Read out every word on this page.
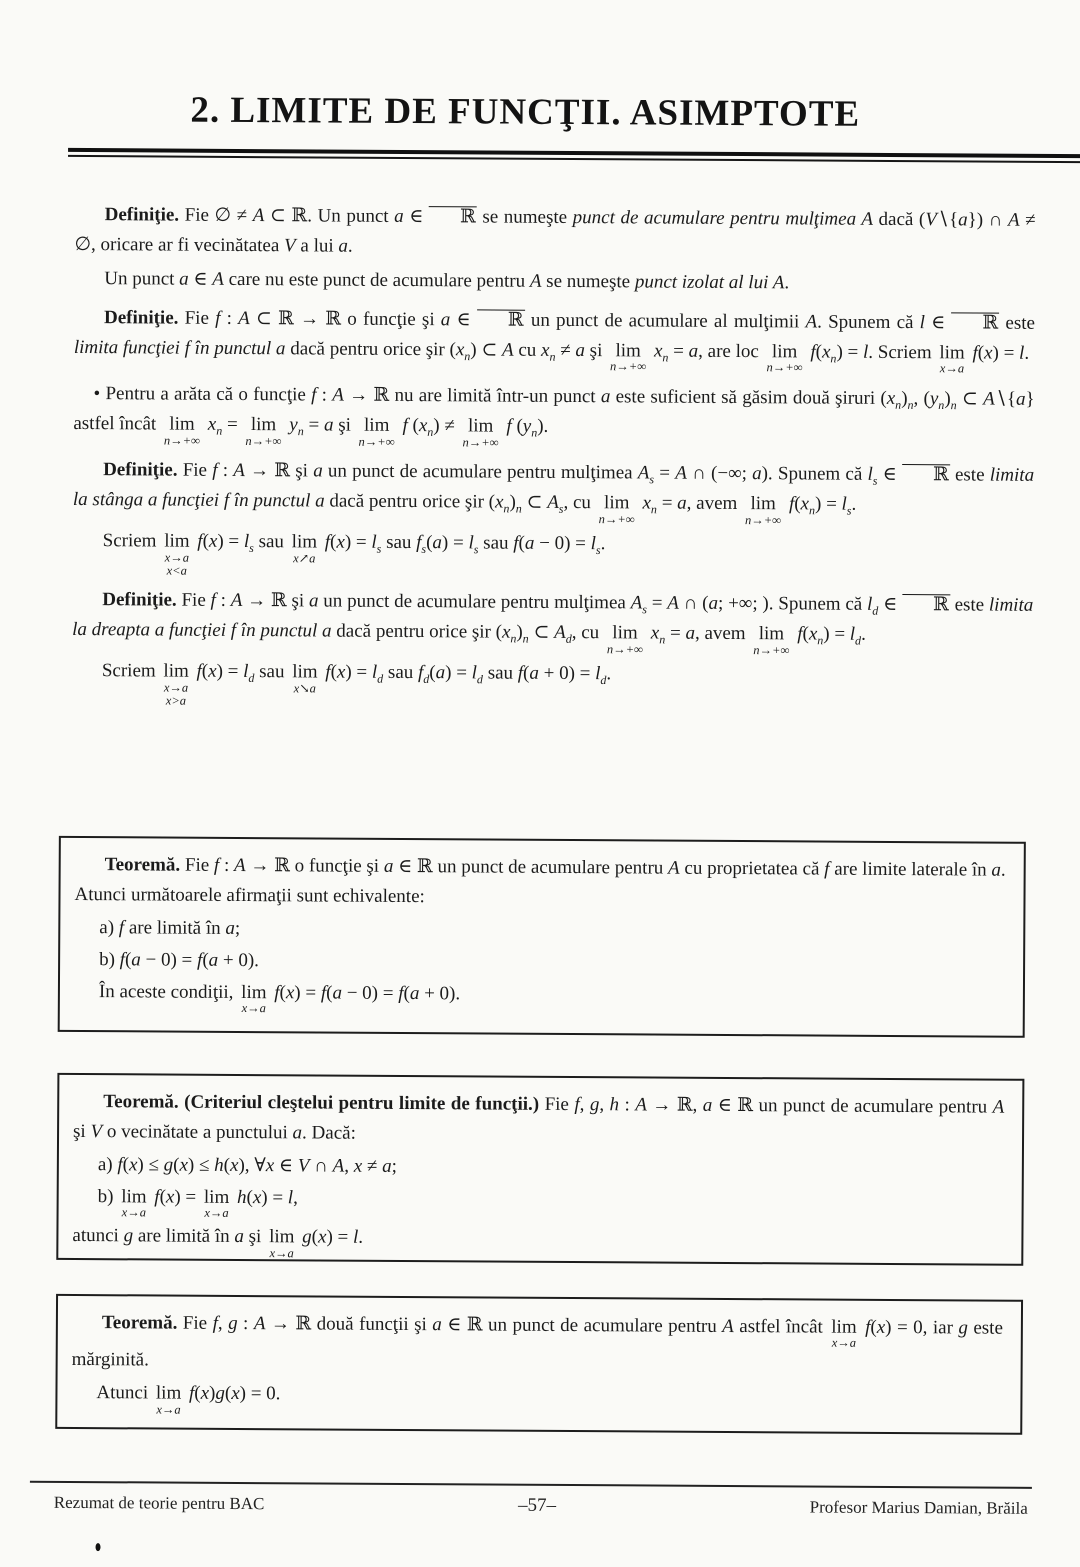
2. LIMITE DE FUNCŢII. ASIMPTOTE
Definiţie. Fie ∅ ≠ A ⊂ ℝ. Un punct a ∈ ℝ se numeşte punct de acumulare pentru mulţimea A dacă (V∖{a}) ∩ A ≠ ∅, oricare ar fi vecinătatea V a lui a.
Un punct a ∈ A care nu este punct de acumulare pentru A se numeşte punct izolat al lui A.
Definiţie. Fie f : A ⊂ ℝ → ℝ o funcţie şi a ∈ ℝ un punct de acumulare al mulţimii A. Spunem că l ∈ ℝ este limita funcţiei f în punctul a dacă pentru orice şir $(x_n)$ ⊂ A cu $x_n \ne a$ şi lim
n→+∞
$x_n = a$, are loc lim
n→+∞
$f(x_n) = l$. Scriem lim
x→a
f(x) = l.
• Pentru a arăta că o funcţie f : A → ℝ nu are limită într-un punct a este suficient să găsim două şiruri $(x_n)_n$, $(y_n)_n$ ⊂ A∖{a} astfel încât lim
n→+∞
$x_n = \lim$
n→+∞
$y_n = a$ şi lim
n→+∞
f $(x_n) \ne \lim$
n→+∞
f $(y_n)$.
Definiţie. Fie f : A → ℝ şi a un punct de acumulare pentru mulţimea $A_s = A$ ∩ (−∞; a). Spunem că $l_s$ ∈ ℝ este limita la stânga a funcţiei f în punctul a dacă pentru orice şir $(x_n)_n$ ⊂ $A_s$, cu lim
n→+∞
$x_n = a$, avem lim
n→+∞
$f(x_n) = l_s$.
Scriem lim
x→a
x<a
$f(x) = l_s$ sau lim
x↗a
$f(x) = l_s$ sau $f_s(a) = l_s$ sau $f(a - 0) = l_s$.
Definiţie. Fie f : A → ℝ şi a un punct de acumulare pentru mulţimea $A_s = A$ ∩ (a; +∞; ). Spunem că $l_d$ ∈ ℝ este limita la dreapta a funcţiei f în punctul a dacă pentru orice şir $(x_n)_n$ ⊂ $A_d$, cu lim
n→+∞
$x_n = a$, avem lim
n→+∞
$f(x_n) = l_d$.
Scriem lim
x→a
x>a
$f(x) = l_d$ sau lim
x↘a
$f(x) = l_d$ sau $f_d(a) = l_d$ sau $f(a + 0) = l_d$.
Teoremă. Fie f : A → ℝ o funcţie şi a ∈ ℝ un punct de acumulare pentru A cu proprietatea că f are limite laterale în a. Atunci următoarele afirmaţii sunt echivalente:
a) f are limită în a;
b) f(a − 0) = f(a + 0).
În aceste condiţii, lim
x→a
f(x) = f(a − 0) = f(a + 0).
Teoremă. (Criteriul cleştelui pentru limite de funcţii.) Fie f, g, h : A → ℝ, a ∈ ℝ un punct de acumulare pentru A şi V o vecinătate a punctului a. Dacă:
a) f(x) ≤ g(x) ≤ h(x), ∀x ∈ V ∩ A, x ≠ a;
b) lim
x→a
f(x) = lim
x→a
h(x) = l,
atunci g are limită în a şi lim
x→a
g(x) = l.
Teoremă. Fie f, g : A → ℝ două funcţii şi a ∈ ℝ un punct de acumulare pentru A astfel încât lim
x→a
f(x) = 0, iar g este mărginită.
Atunci lim
x→a
f(x)g(x) = 0.
Rezumat de teorie pentru BAC	–57–	Profesor Marius Damian, Brăila
